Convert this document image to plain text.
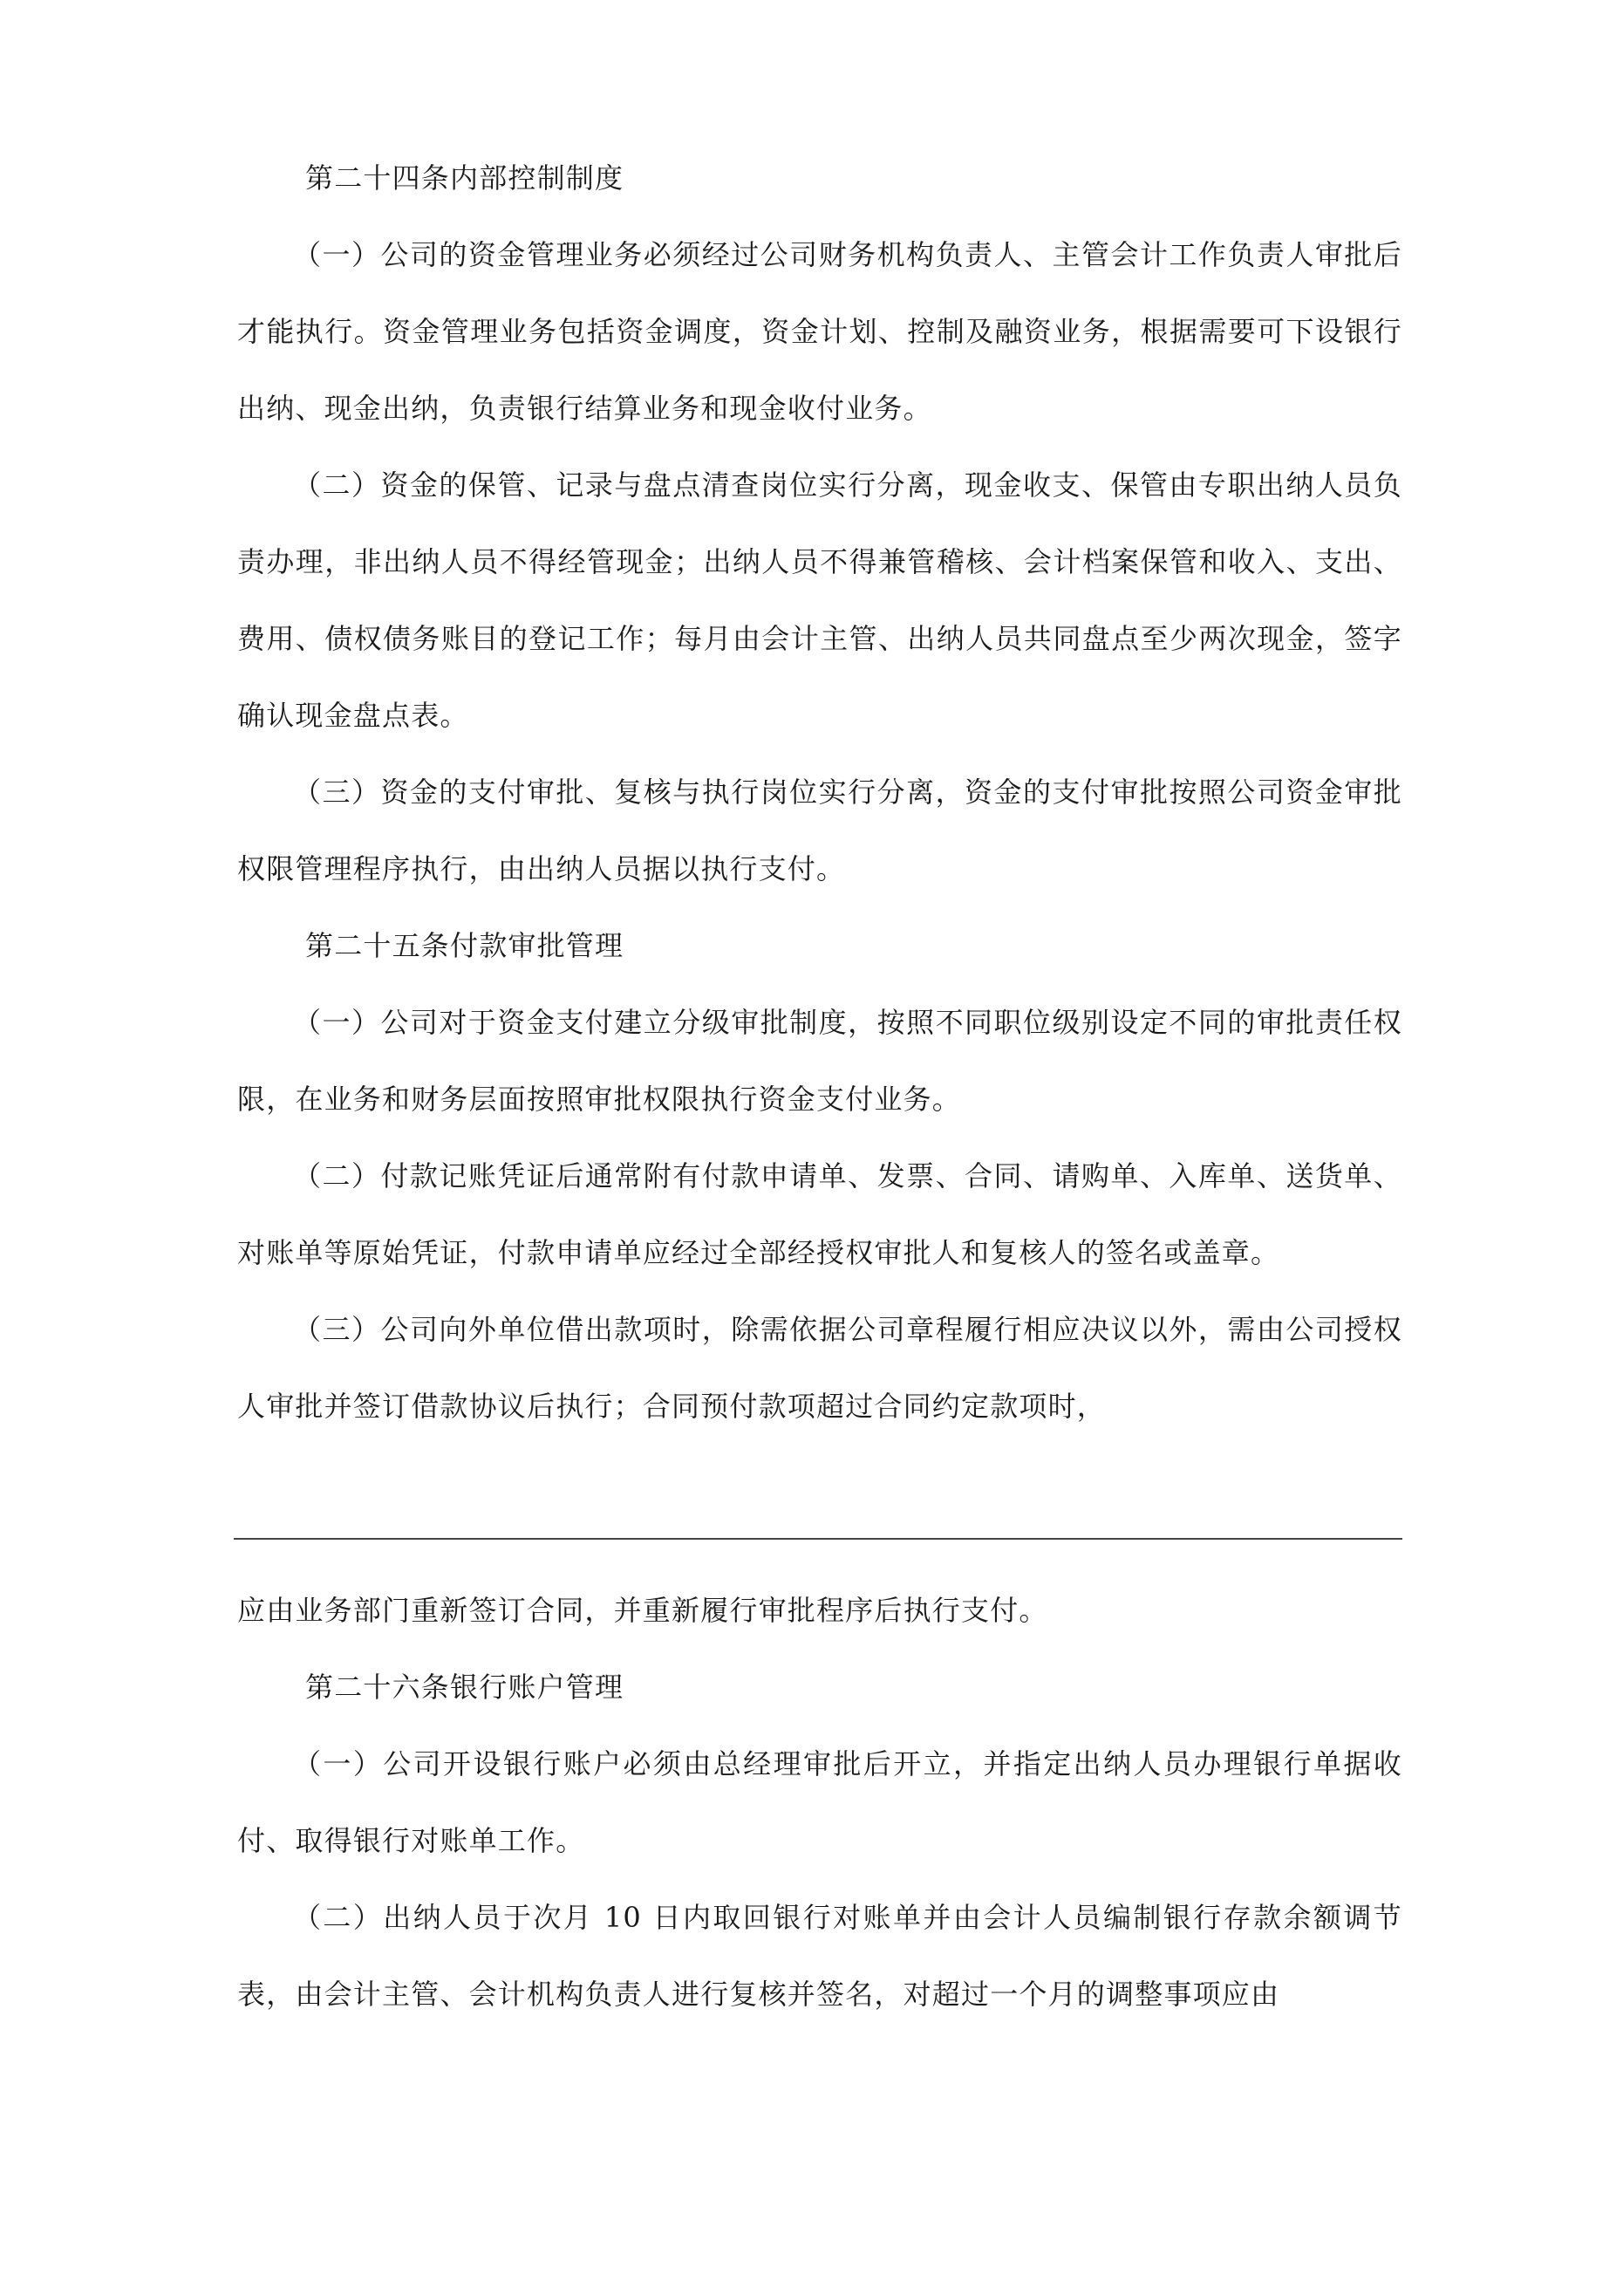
第二十四条内部控制制度

（一）公司的资金管理业务必须经过公司财务机构负责人、主管会计工作负责人审批后才能执行。资金管理业务包括资金调度，资金计划、控制及融资业务，根据需要可下设银行出纳、现金出纳，负责银行结算业务和现金收付业务。

（二）资金的保管、记录与盘点清查岗位实行分离，现金收支、保管由专职出纳人员负责办理，非出纳人员不得经管现金；出纳人员不得兼管稽核、会计档案保管和收入、支出、费用、债权债务账目的登记工作；每月由会计主管、出纳人员共同盘点至少两次现金，签字确认现金盘点表。

（三）资金的支付审批、复核与执行岗位实行分离，资金的支付审批按照公司资金审批权限管理程序执行，由出纳人员据以执行支付。

第二十五条付款审批管理

（一）公司对于资金支付建立分级审批制度，按照不同职位级别设定不同的审批责任权限，在业务和财务层面按照审批权限执行资金支付业务。

（二）付款记账凭证后通常附有付款申请单、发票、合同、请购单、入库单、送货单、对账单等原始凭证，付款申请单应经过全部经授权审批人和复核人的签名或盖章。

（三）公司向外单位借出款项时，除需依据公司章程履行相应决议以外，需由公司授权人审批并签订借款协议后执行；合同预付款项超过合同约定款项时，

应由业务部门重新签订合同，并重新履行审批程序后执行支付。

第二十六条银行账户管理

（一）公司开设银行账户必须由总经理审批后开立，并指定出纳人员办理银行单据收付、取得银行对账单工作。

（二）出纳人员于次月 10 日内取回银行对账单并由会计人员编制银行存款余额调节表，由会计主管、会计机构负责人进行复核并签名，对超过一个月的调整事项应由
